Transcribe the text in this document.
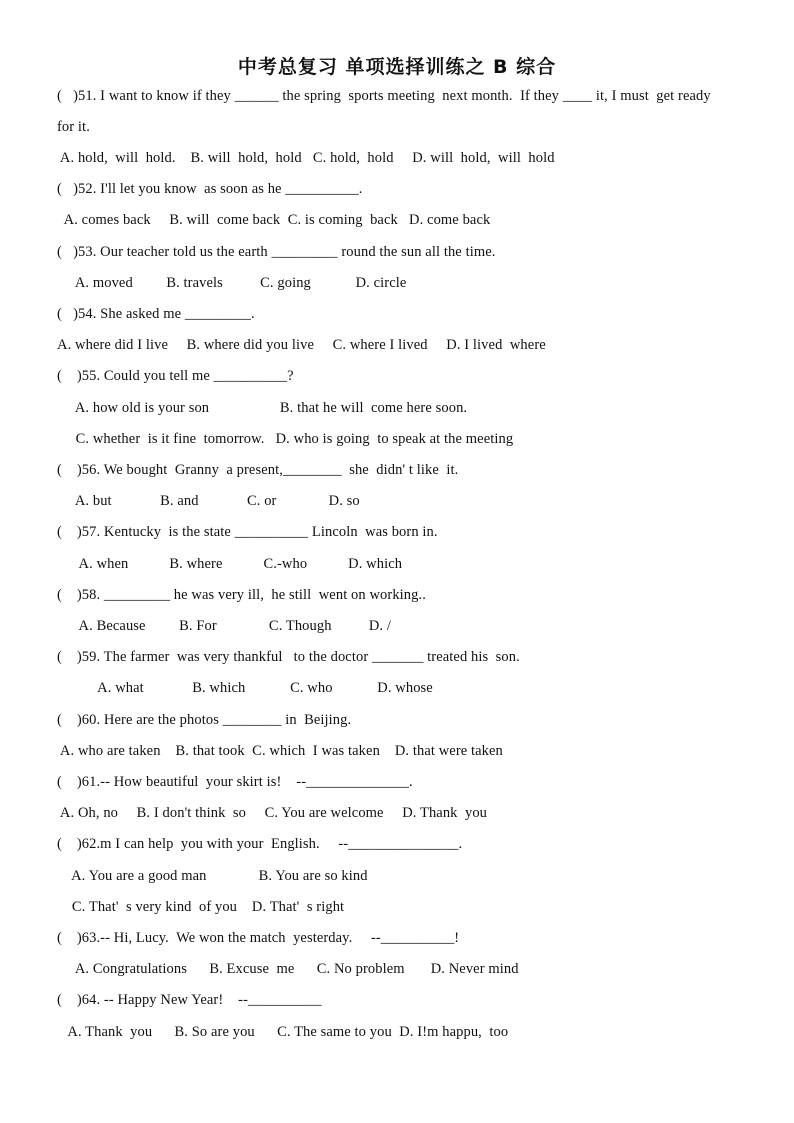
中考总复习 单项选择训练之 B 综合
(   )51. I want to know if they ______ the spring  sports meeting  next month.  If they ____ it, I must  get ready
for it.
A. hold,  will  hold.    B. will  hold,  hold   C. hold,  hold     D. will  hold,  will  hold
(   )52. I'll let you know  as soon as he __________.
A. comes back     B. will  come back  C. is coming  back   D. come back
(   )53. Our teacher told us the earth _________ round the sun all the time.
A. moved         B. travels          C. going            D. circle
(   )54. She asked me _________.
A. where did I live     B. where did you live     C. where I lived     D. I lived  where
(    )55. Could you tell me __________?
A. how old is your son                   B. that he will  come here soon.
C. whether  is it fine  tomorrow.   D. who is going  to speak at the meeting
(    )56. We bought  Granny  a present,________  she  didn' t like  it.
A. but             B. and             C. or              D. so
(    )57. Kentucky  is the state __________ Lincoln  was born in.
A. when           B. where           C.-who           D. which
(    )58. _________ he was very ill,  he still  went on working..
A. Because         B. For              C. Though          D. /
(    )59. The farmer  was very thankful   to the doctor _______ treated his  son.
A. what             B. which            C. who            D. whose
(    )60. Here are the photos ________ in  Beijing.
A. who are taken    B. that took  C. which  I was taken    D. that were taken
(    )61.-- How beautiful  your skirt is!    --______________.
A. Oh, no     B. I don't think  so     C. You are welcome     D. Thank  you
(    )62.m I can help  you with your  English.     --_______________.
A. You are a good man              B. You are so kind
C. That'  s very kind  of you    D. That'  s right
(    )63.-- Hi, Lucy.  We won the match  yesterday.     --__________!
A. Congratulations      B. Excuse  me      C. No problem       D. Never mind
(    )64. -- Happy New Year!    --__________
A. Thank  you      B. So are you      C. The same to you  D. I!m happu,  too
